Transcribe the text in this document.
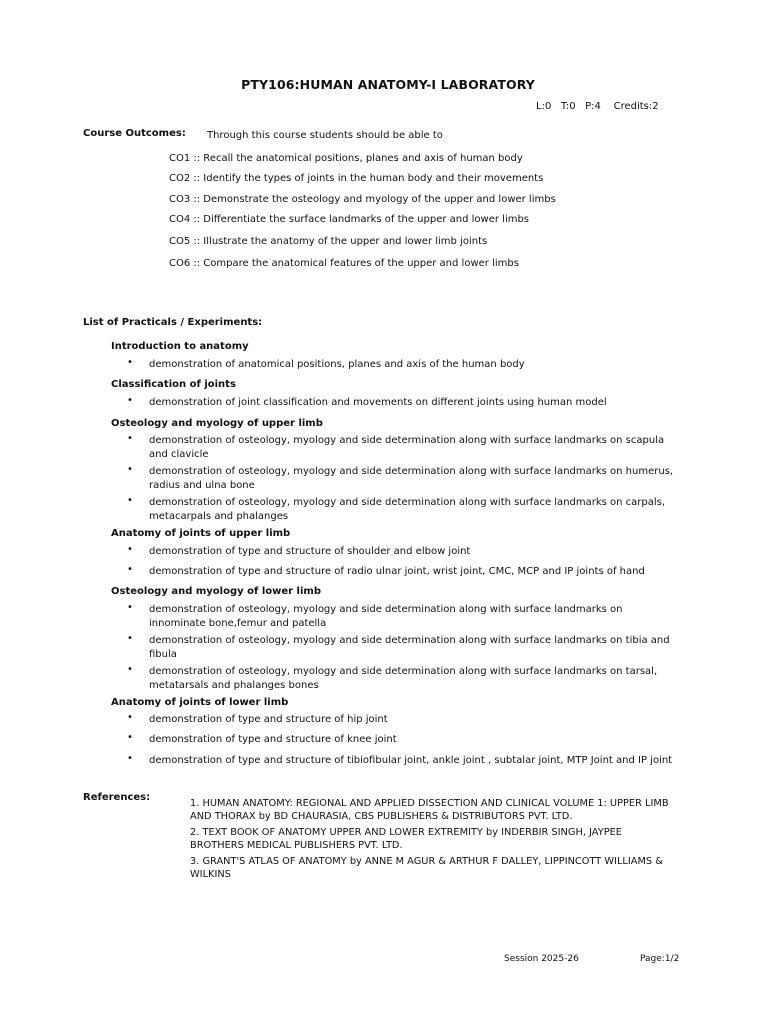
PTY106:HUMAN ANATOMY-I LABORATORY
L:0   T:0   P:4    Credits:2
Course Outcomes: Through this course students should be able to
CO1 :: Recall the anatomical positions, planes and axis of human body
CO2 :: Identify the types of joints in the human body and their movements
CO3 :: Demonstrate the osteology and myology of the upper and lower limbs
CO4 :: Differentiate the surface landmarks of the upper and lower limbs
CO5 :: Illustrate the anatomy of the upper and lower limb joints
CO6 :: Compare the anatomical features of the upper and lower limbs
List of Practicals / Experiments:
Introduction to anatomy
• demonstration of anatomical positions, planes and axis of the human body
Classification of joints
• demonstration of joint classification and movements on different joints using human model
Osteology and myology of upper limb
• demonstration of osteology, myology and side determination along with surface landmarks on scapula and clavicle
• demonstration of osteology, myology and side determination along with surface landmarks on humerus, radius and ulna bone
• demonstration of osteology, myology and side determination along with surface landmarks on carpals, metacarpals and phalanges
Anatomy of joints of upper limb
• demonstration of type and structure of shoulder and elbow joint
• demonstration of type and structure of radio ulnar joint, wrist joint, CMC, MCP and IP joints of hand
Osteology and myology of lower limb
• demonstration of osteology, myology and side determination along with surface landmarks on innominate bone,femur and patella
• demonstration of osteology, myology and side determination along with surface landmarks on tibia and fibula
• demonstration of osteology, myology and side determination along with surface landmarks on tarsal, metatarsals and phalanges bones
Anatomy of joints of lower limb
• demonstration of type and structure of hip joint
• demonstration of type and structure of knee joint
• demonstration of type and structure of tibiofibular joint, ankle joint , subtalar joint, MTP Joint and IP joint
References:
1. HUMAN ANATOMY: REGIONAL AND APPLIED DISSECTION AND CLINICAL VOLUME 1: UPPER LIMB AND THORAX by BD CHAURASIA, CBS PUBLISHERS & DISTRIBUTORS PVT. LTD.
2. TEXT BOOK OF ANATOMY UPPER AND LOWER EXTREMITY by INDERBIR SINGH, JAYPEE BROTHERS MEDICAL PUBLISHERS PVT. LTD.
3. GRANT'S ATLAS OF ANATOMY by ANNE M AGUR & ARTHUR F DALLEY, LIPPINCOTT WILLIAMS & WILKINS
Session 2025-26	Page:1/2
